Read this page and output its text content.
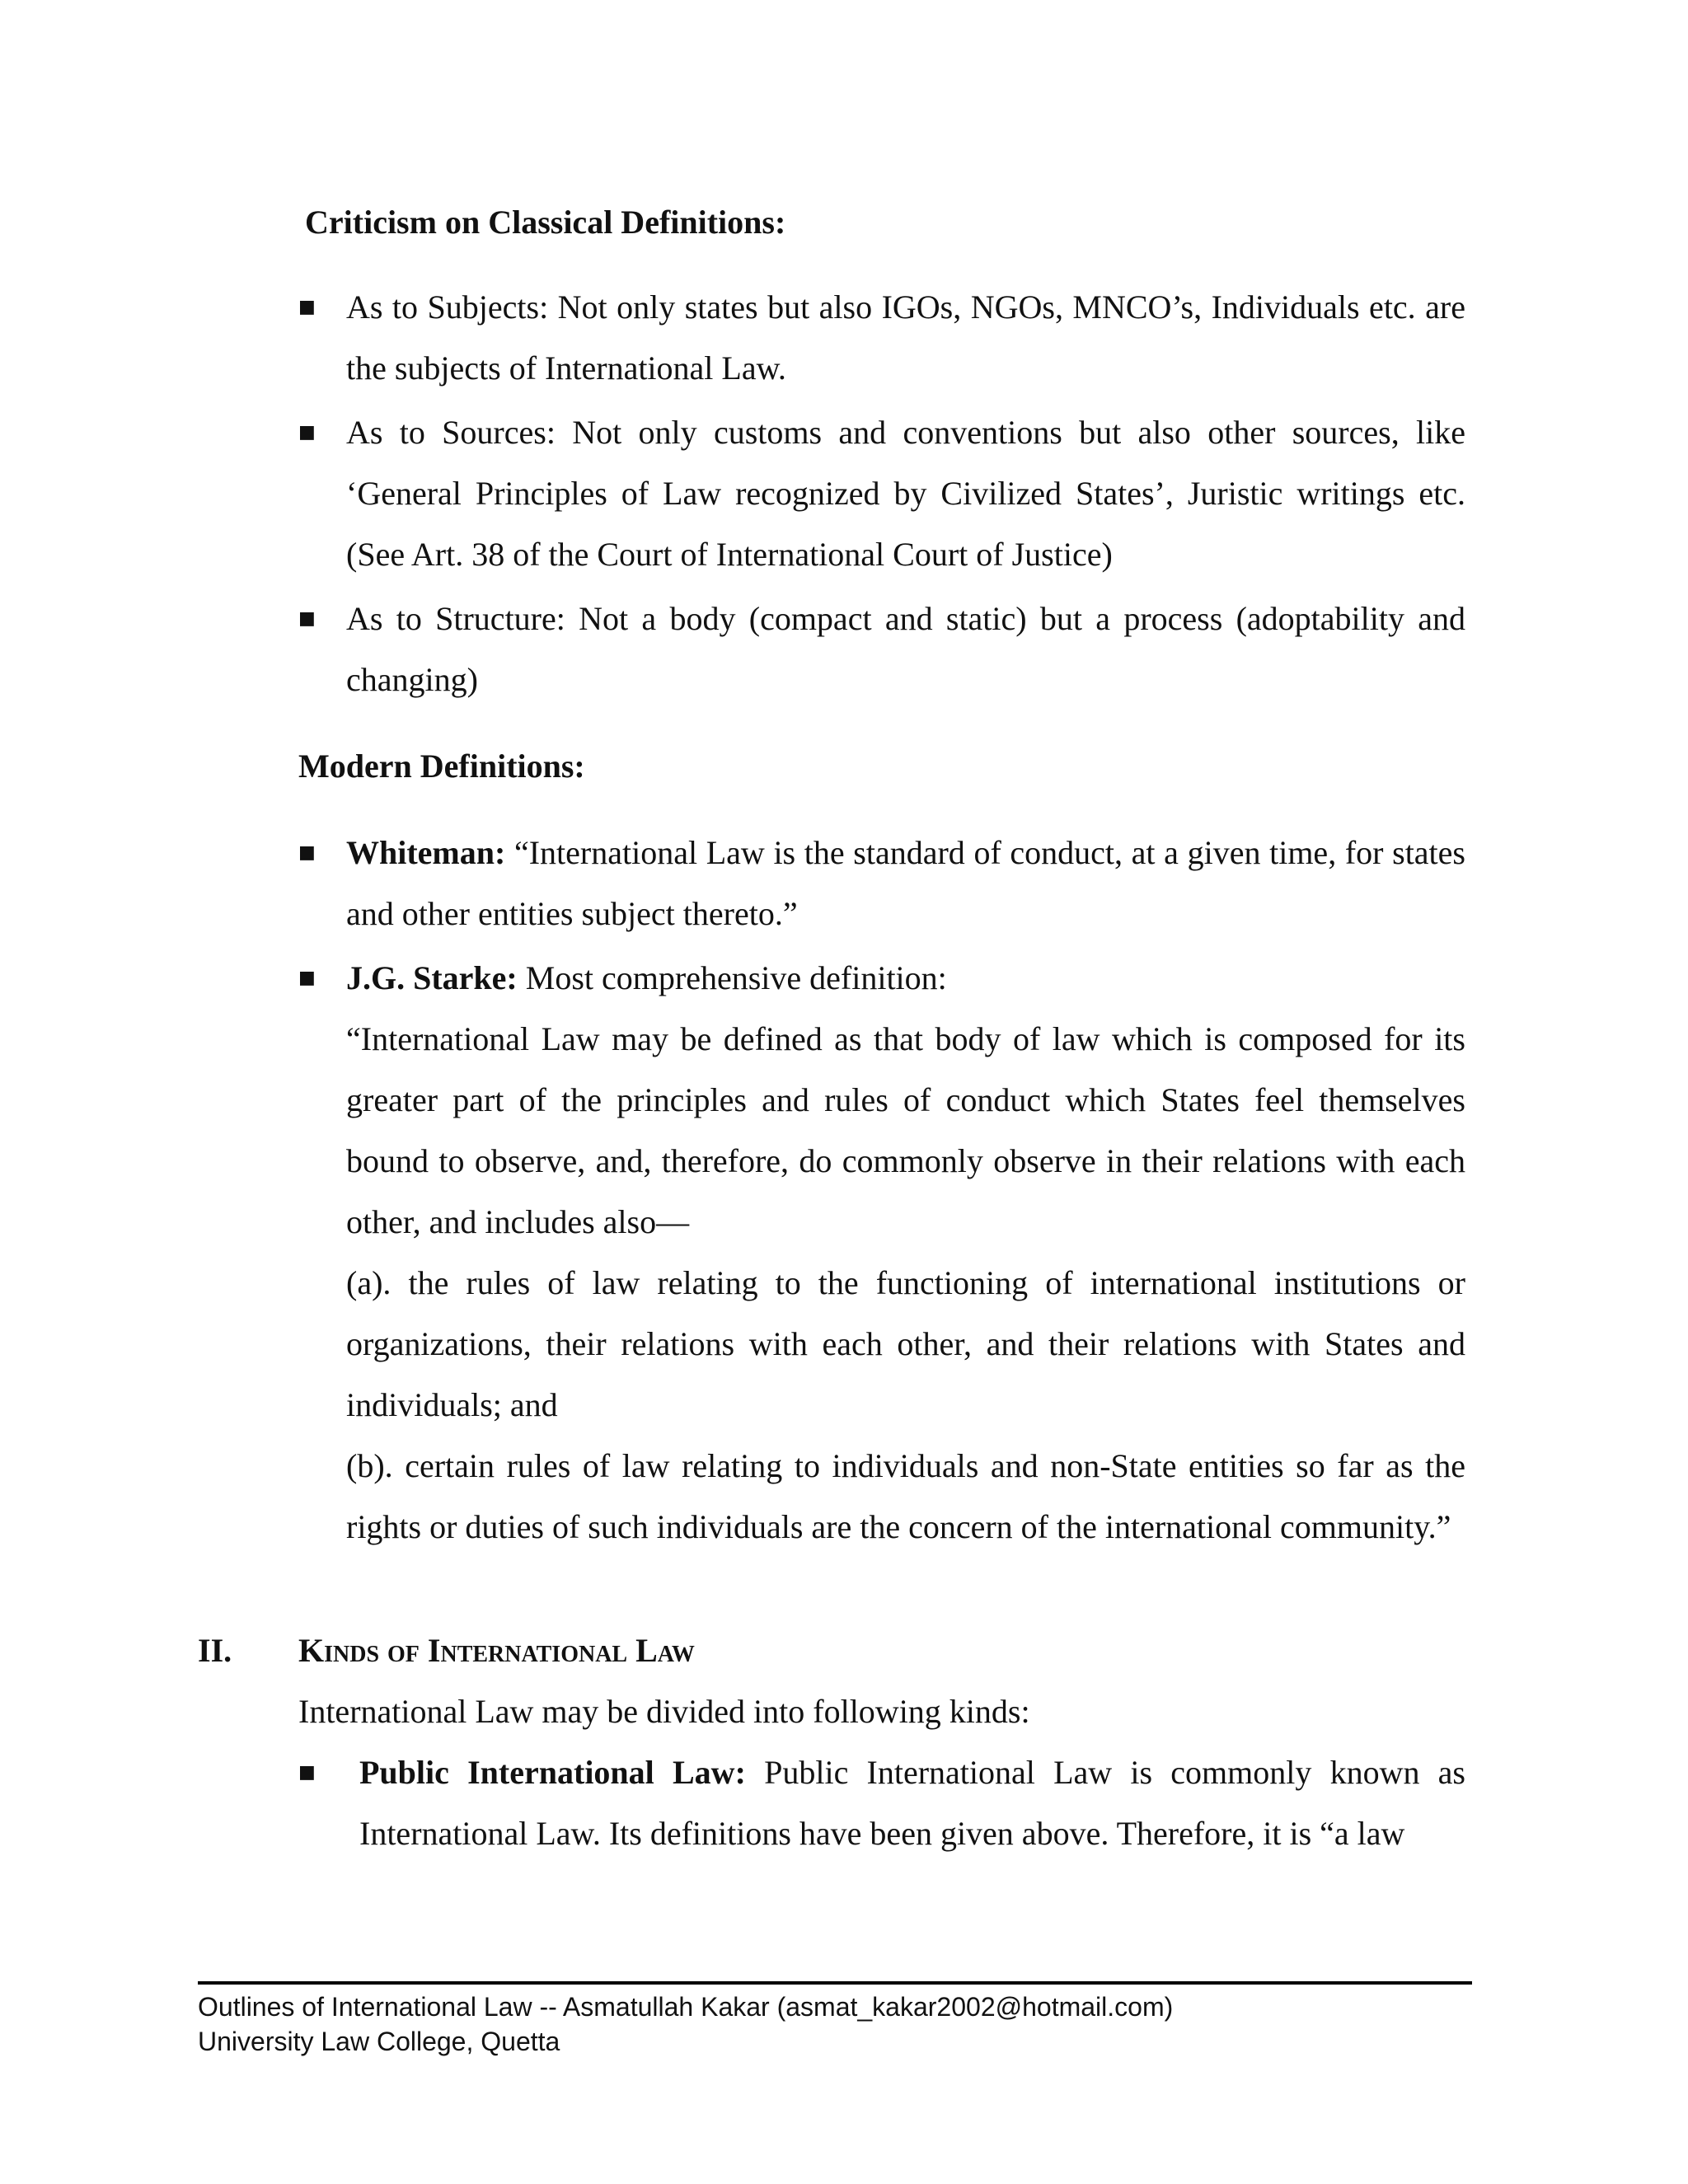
Criticism on Classical Definitions:
■ As to Subjects: Not only states but also IGOs, NGOs, MNCO’s, Individuals etc. are the subjects of International Law.
■ As to Sources: Not only customs and conventions but also other sources, like ‘General Principles of Law recognized by Civilized States’, Juristic writings etc. (See Art. 38 of the Court of International Court of Justice)
■ As to Structure: Not a body (compact and static) but a process (adoptability and changing)
Modern Definitions:
■ Whiteman: “International Law is the standard of conduct, at a given time, for states and other entities subject thereto.”
■ J.G. Starke: Most comprehensive definition:
“International Law may be defined as that body of law which is composed for its greater part of the principles and rules of conduct which States feel themselves bound to observe, and, therefore, do commonly observe in their relations with each other, and includes also—
(a). the rules of law relating to the functioning of international institutions or organizations, their relations with each other, and their relations with States and individuals; and
(b). certain rules of law relating to individuals and non-State entities so far as the rights or duties of such individuals are the concern of the international community.”
II. Kinds of International Law
International Law may be divided into following kinds:
■ Public International Law: Public International Law is commonly known as International Law. Its definitions have been given above. Therefore, it is “a law
Outlines of International Law -- Asmatullah Kakar (asmat_kakar2002@hotmail.com)
University Law College, Quetta
